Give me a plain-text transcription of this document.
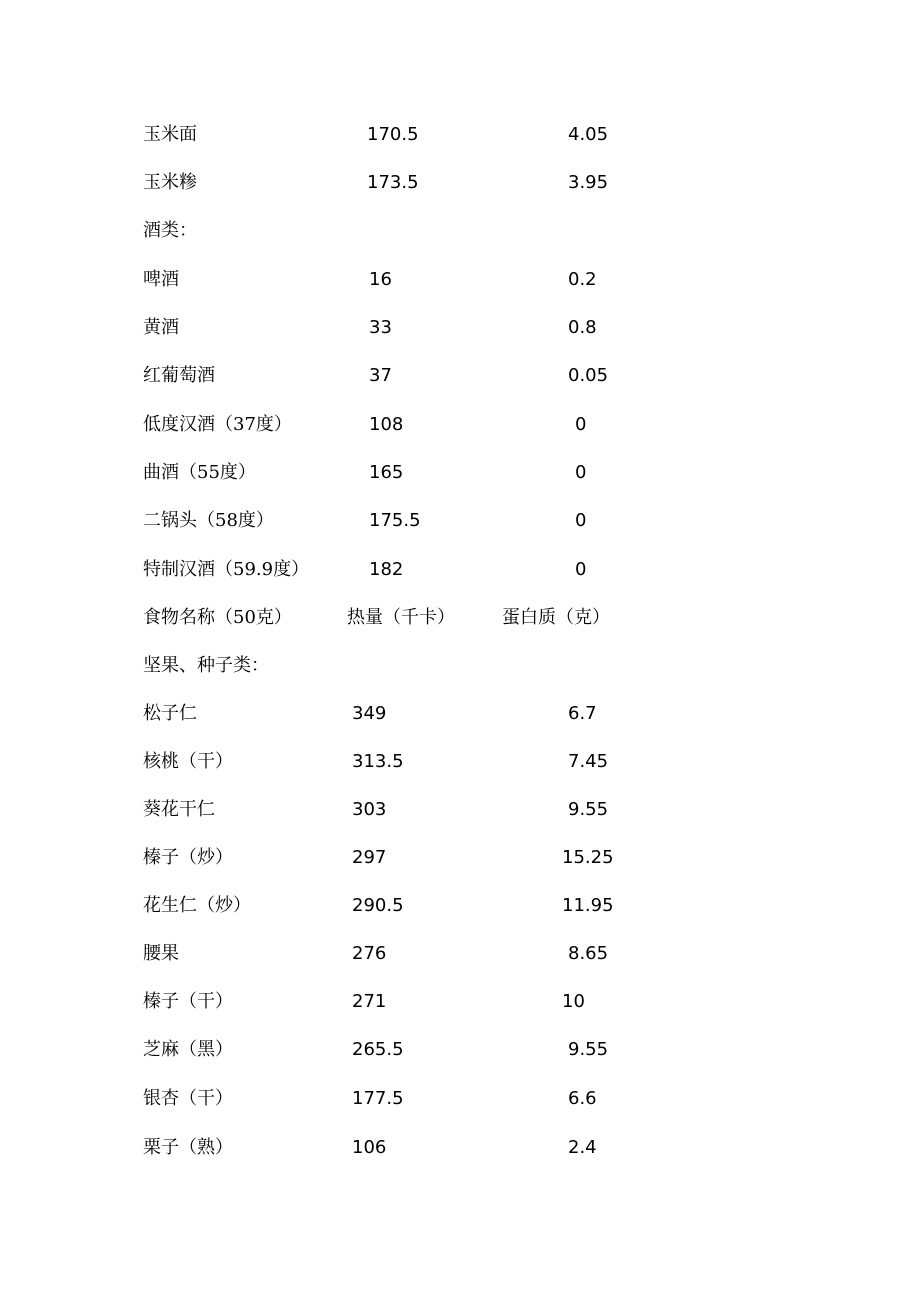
玉米面	170.5	4.05
玉米糁	173.5	3.95
酒类：
啤酒	16	0.2
黄酒	33	0.8
红葡萄酒	37	0.05
低度汉酒（37度）	108	0
曲酒（55度）	165	0
二锅头（58度）	175.5	0
特制汉酒（59.9度）	182	0
食物名称（50克）	热量（千卡）	蛋白质（克）
坚果、种子类：
松子仁	349	6.7
核桃（干）	313.5	7.45
葵花干仁	303	9.55
榛子（炒）	297	15.25
花生仁（炒）	290.5	11.95
腰果	276	8.65
榛子（干）	271	10
芝麻（黑）	265.5	9.55
银杏（干）	177.5	6.6
栗子（熟）	106	2.4
